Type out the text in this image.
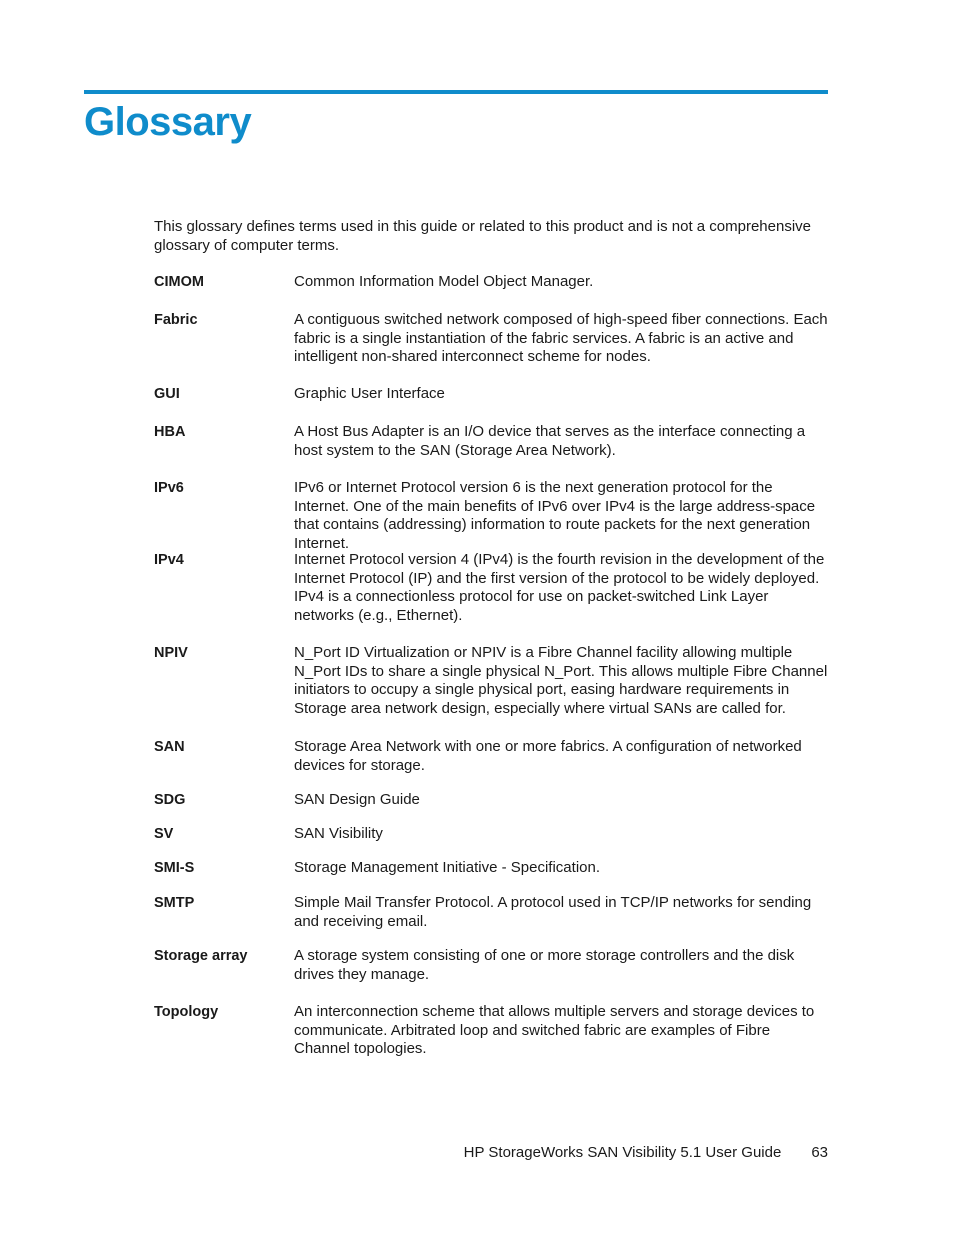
Glossary

This glossary defines terms used in this guide or related to this product and is not a comprehensive glossary of computer terms.

CIMOM	Common Information Model Object Manager.
Fabric	A contiguous switched network composed of high-speed fiber connections. Each fabric is a single instantiation of the fabric services. A fabric is an active and intelligent non-shared interconnect scheme for nodes.
GUI	Graphic User Interface
HBA	A Host Bus Adapter is an I/O device that serves as the interface connecting a host system to the SAN (Storage Area Network).
IPv6	IPv6 or Internet Protocol version 6 is the next generation protocol for the Internet. One of the main benefits of IPv6 over IPv4 is the large address-space that contains (addressing) information to route packets for the next generation Internet.
IPv4	Internet Protocol version 4 (IPv4) is the fourth revision in the development of the Internet Protocol (IP) and the first version of the protocol to be widely deployed. IPv4 is a connectionless protocol for use on packet-switched Link Layer networks (e.g., Ethernet).
NPIV	N_Port ID Virtualization or NPIV is a Fibre Channel facility allowing multiple N_Port IDs to share a single physical N_Port. This allows multiple Fibre Channel initiators to occupy a single physical port, easing hardware requirements in Storage area network design, especially where virtual SANs are called for.
SAN	Storage Area Network with one or more fabrics. A configuration of networked devices for storage.
SDG	SAN Design Guide
SV	SAN Visibility
SMI-S	Storage Management Initiative - Specification.
SMTP	Simple Mail Transfer Protocol. A protocol used in TCP/IP networks for sending and receiving email.
Storage array	A storage system consisting of one or more storage controllers and the disk drives they manage.
Topology	An interconnection scheme that allows multiple servers and storage devices to communicate. Arbitrated loop and switched fabric are examples of Fibre Channel topologies.
HP StorageWorks SAN Visibility 5.1 User Guide 63
